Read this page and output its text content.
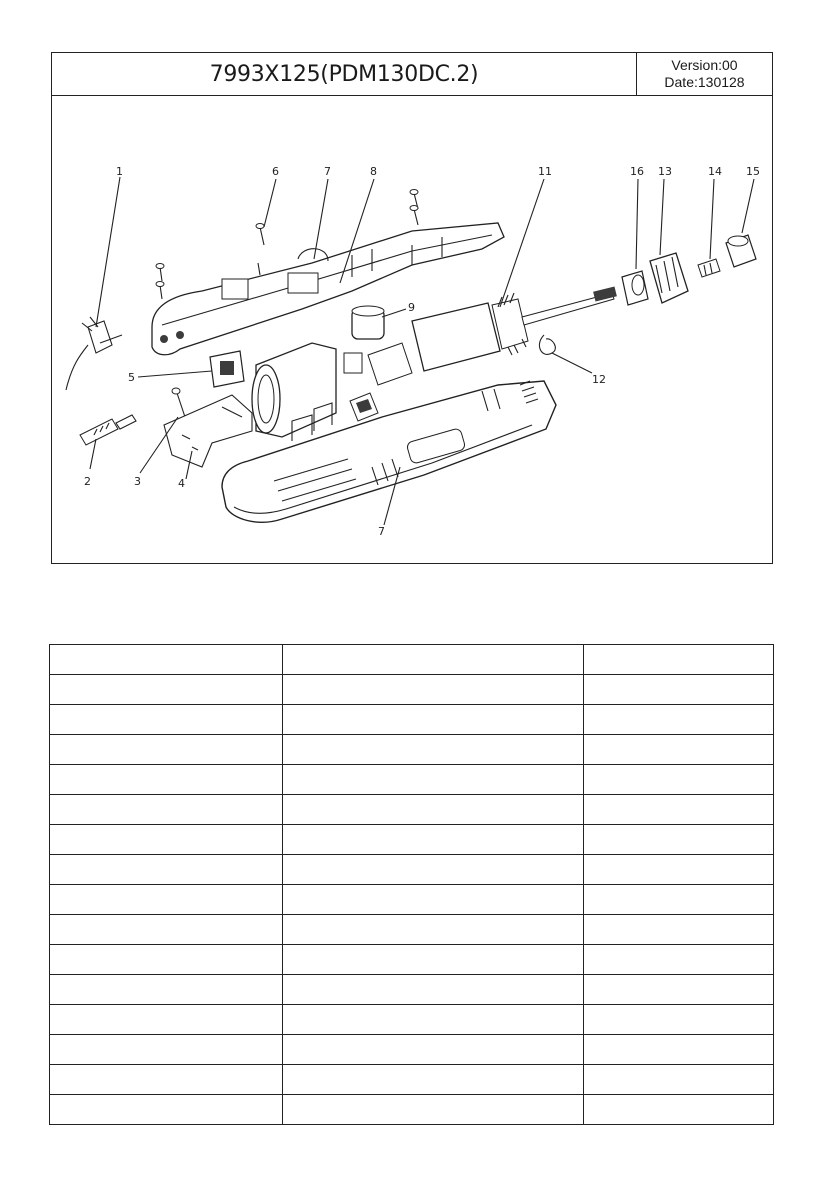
7993X125(PDM130DC.2)	Version:00
Date:130128
1
2	3	4
5
6	7	8
9
11
12
13	14 15
16
7
